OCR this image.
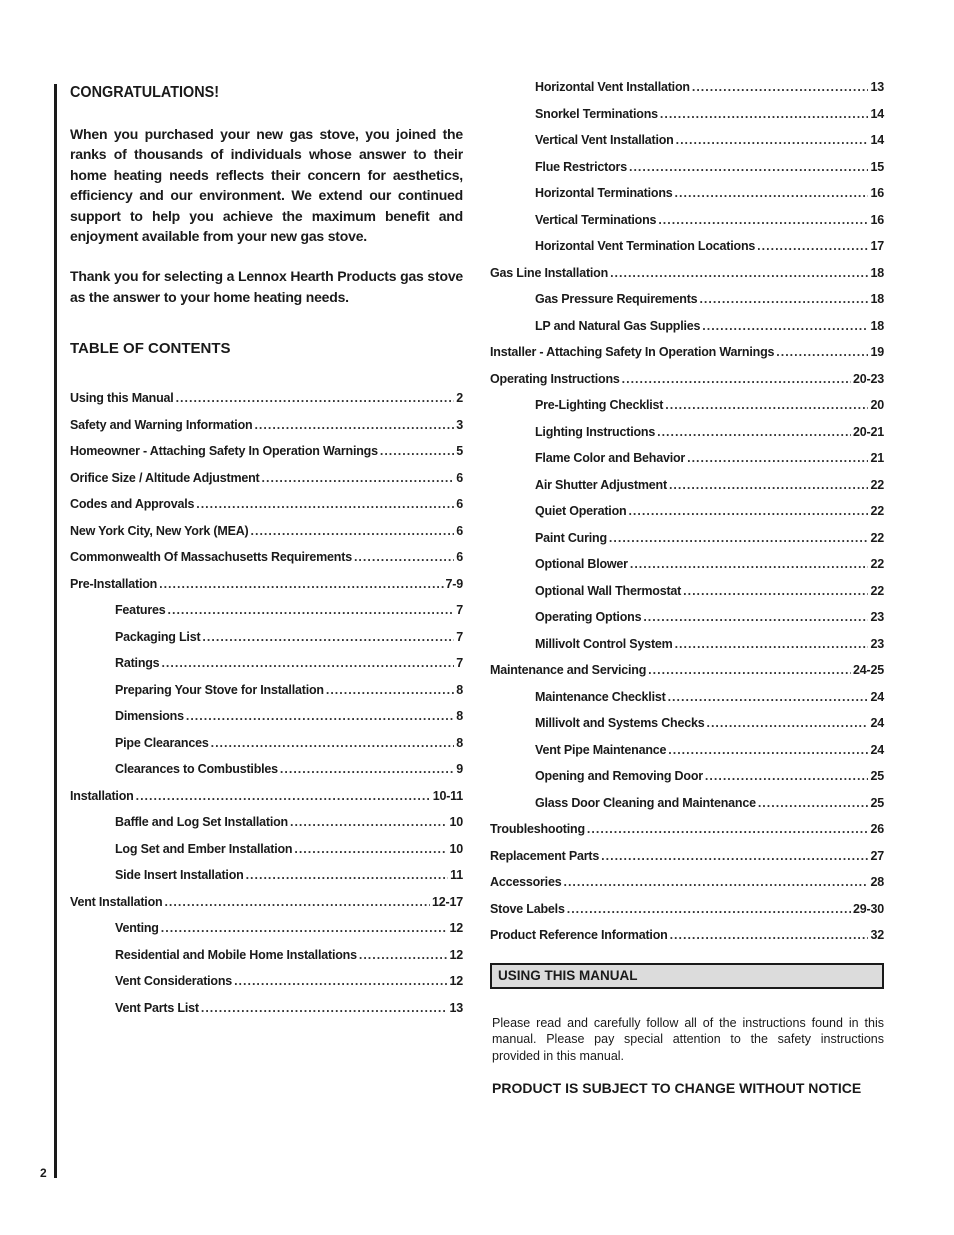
2
CONGRATULATIONS!

When you purchased your new gas stove, you joined the ranks of thousands of individuals whose answer to their home heating needs reflects their concern for aesthetics, efficiency and our environment. We extend our continued support to help you achieve the maximum benefit and enjoyment available from your new gas stove.

Thank you for selecting a Lennox Hearth Products gas stove as the answer to your home heating needs.

TABLE OF CONTENTS
Using this Manual .....	2
Safety and Warning Information .....	3
Homeowner - Attaching Safety In Operation Warnings .....	5
Orifice Size / Altitude Adjustment .....	6
Codes and Approvals .....	6
New York City, New York (MEA) .....	6
Commonwealth Of Massachusetts Requirements .....	6
Pre-Installation .....	7-9
Features .....	7
Packaging List .....	7
Ratings .....	7
Preparing Your Stove for Installation .....	8
Dimensions .....	8
Pipe Clearances .....	8
Clearances to Combustibles .....	9
Installation .....	10-11
Baffle and Log Set Installation .....	10
Log Set and Ember Installation .....	10
Side Insert Installation .....	11
Vent Installation .....	12-17
Venting .....	12
Residential and Mobile Home Installations .....	12
Vent Considerations .....	12
Vent Parts List .....	13
Horizontal Vent Installation .....	13
Snorkel Terminations .....	14
Vertical Vent Installation .....	14
Flue Restrictors .....	15
Horizontal Terminations .....	16
Vertical Terminations .....	16
Horizontal Vent Termination Locations .....	17
Gas Line Installation .....	18
Gas Pressure Requirements .....	18
LP and Natural Gas Supplies .....	18
Installer - Attaching Safety In Operation Warnings .....	19
Operating Instructions .....	20-23
Pre-Lighting Checklist .....	20
Lighting Instructions .....	20-21
Flame Color and Behavior .....	21
Air Shutter Adjustment .....	22
Quiet Operation .....	22
Paint Curing .....	22
Optional Blower .....	22
Optional Wall Thermostat .....	22
Operating Options .....	23
Millivolt Control System .....	23
Maintenance and Servicing .....	24-25
Maintenance Checklist .....	24
Millivolt and Systems Checks .....	24
Vent Pipe Maintenance .....	24
Opening and Removing Door .....	25
Glass Door Cleaning and Maintenance .....	25
Troubleshooting .....	26
Replacement Parts .....	27
Accessories .....	28
Stove Labels .....	29-30
Product Reference Information .....	32
USING THIS MANUAL

Please read and carefully follow all of the instructions found in this manual. Please pay special attention to the safety instructions provided in this manual.

PRODUCT IS SUBJECT TO CHANGE WITHOUT NOTICE
